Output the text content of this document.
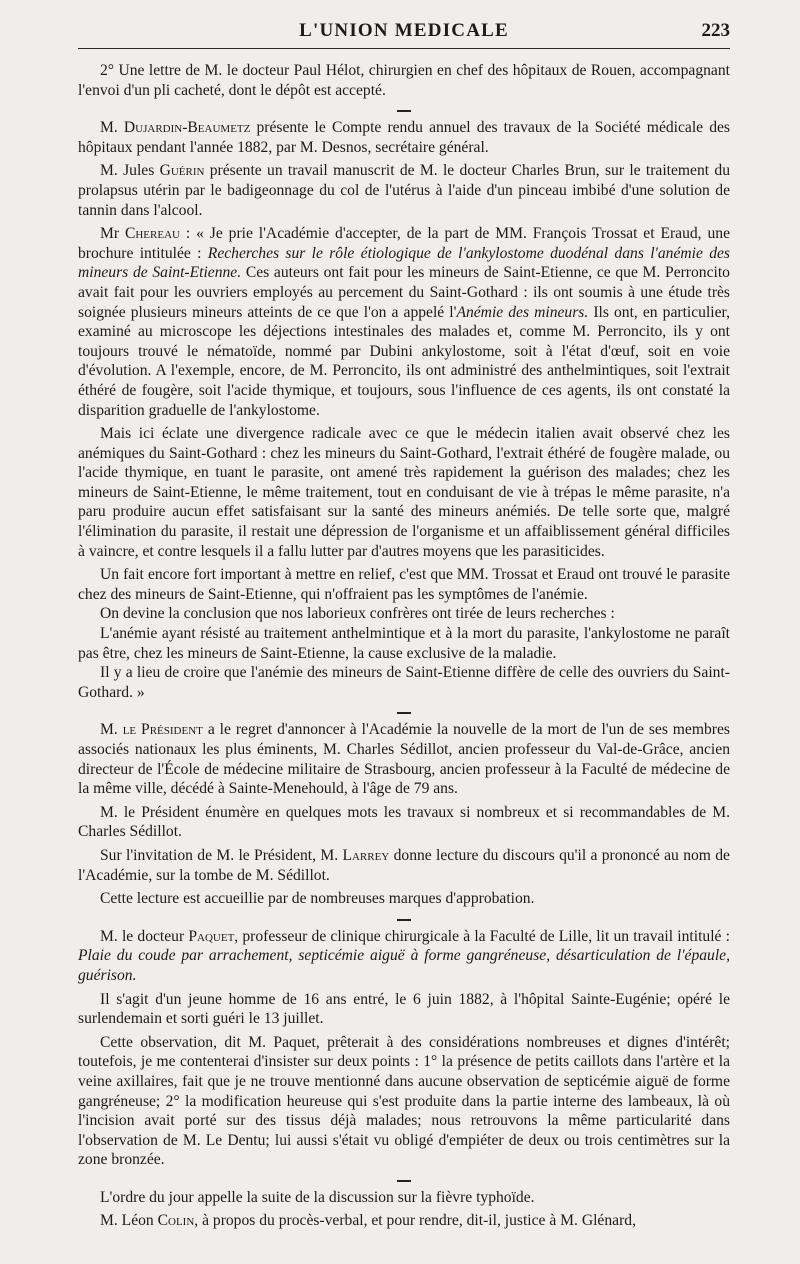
L'UNION MEDICALE	223

2° Une lettre de M. le docteur Paul Hélot, chirurgien en chef des hôpitaux de Rouen, accompagnant l'envoi d'un pli cacheté, dont le dépôt est accepté.

M. Dujardin-Beaumetz présente le Compte rendu annuel des travaux de la Société médicale des hôpitaux pendant l'année 1882, par M. Desnos, secrétaire général.

M. Jules Guérin présente un travail manuscrit de M. le docteur Charles Brun, sur le traitement du prolapsus utérin par le badigeonnage du col de l'utérus à l'aide d'un pinceau imbibé d'une solution de tannin dans l'alcool.

Mr Chereau : « Je prie l'Académie d'accepter, de la part de MM. François Trossat et Eraud, une brochure intitulée : Recherches sur le rôle étiologique de l'ankylostome duodénal dans l'anémie des mineurs de Saint-Etienne. Ces auteurs ont fait pour les mineurs de Saint-Etienne, ce que M. Perroncito avait fait pour les ouvriers employés au percement du Saint-Gothard : ils ont soumis à une étude très soignée plusieurs mineurs atteints de ce que l'on a appelé l'Anémie des mineurs. Ils ont, en particulier, examiné au microscope les déjections intestinales des malades et, comme M. Perroncito, ils y ont toujours trouvé le nématoïde, nommé par Dubini ankylostome, soit à l'état d'œuf, soit en voie d'évolution. A l'exemple, encore, de M. Perroncito, ils ont administré des anthelmintiques, soit l'extrait éthéré de fougère, soit l'acide thymique, et toujours, sous l'influence de ces agents, ils ont constaté la disparition graduelle de l'ankylostome.

Mais ici éclate une divergence radicale avec ce que le médecin italien avait observé chez les anémiques du Saint-Gothard : chez les mineurs du Saint-Gothard, l'extrait éthéré de fougère malade, ou l'acide thymique, en tuant le parasite, ont amené très rapidement la guérison des malades; chez les mineurs de Saint-Etienne, le même traitement, tout en conduisant de vie à trépas le même parasite, n'a paru produire aucun effet satisfaisant sur la santé des mineurs anémiés. De telle sorte que, malgré l'élimination du parasite, il restait une dépression de l'organisme et un affaiblissement général difficiles à vaincre, et contre lesquels il a fallu lutter par d'autres moyens que les parasiticides.

Un fait encore fort important à mettre en relief, c'est que MM. Trossat et Eraud ont trouvé le parasite chez des mineurs de Saint-Etienne, qui n'offraient pas les symptômes de l'anémie.

On devine la conclusion que nos laborieux confrères ont tirée de leurs recherches :

L'anémie ayant résisté au traitement anthelmintique et à la mort du parasite, l'ankylostome ne paraît pas être, chez les mineurs de Saint-Etienne, la cause exclusive de la maladie.

Il y a lieu de croire que l'anémie des mineurs de Saint-Etienne diffère de celle des ouvriers du Saint-Gothard. »

M. le Président a le regret d'annoncer à l'Académie la nouvelle de la mort de l'un de ses membres associés nationaux les plus éminents, M. Charles Sédillot, ancien professeur du Val-de-Grâce, ancien directeur de l'École de médecine militaire de Strasbourg, ancien professeur à la Faculté de médecine de la même ville, décédé à Sainte-Menehould, à l'âge de 79 ans.

M. le Président énumère en quelques mots les travaux si nombreux et si recommandables de M. Charles Sédillot.

Sur l'invitation de M. le Président, M. Larrey donne lecture du discours qu'il a prononcé au nom de l'Académie, sur la tombe de M. Sédillot.

Cette lecture est accueillie par de nombreuses marques d'approbation.

M. le docteur Paquet, professeur de clinique chirurgicale à la Faculté de Lille, lit un travail intitulé : Plaie du coude par arrachement, septicémie aiguë à forme gangréneuse, désarticulation de l'épaule, guérison.

Il s'agit d'un jeune homme de 16 ans entré, le 6 juin 1882, à l'hôpital Sainte-Eugénie; opéré le surlendemain et sorti guéri le 13 juillet.

Cette observation, dit M. Paquet, prêterait à des considérations nombreuses et dignes d'intérêt; toutefois, je me contenterai d'insister sur deux points : 1° la présence de petits caillots dans l'artère et la veine axillaires, fait que je ne trouve mentionné dans aucune observation de septicémie aiguë de forme gangréneuse; 2° la modification heureuse qui s'est produite dans la partie interne des lambeaux, là où l'incision avait porté sur des tissus déjà malades; nous retrouvons la même particularité dans l'observation de M. Le Dentu; lui aussi s'était vu obligé d'empiéter de deux ou trois centimètres sur la zone bronzée.

L'ordre du jour appelle la suite de la discussion sur la fièvre typhoïde.

M. Léon Colin, à propos du procès-verbal, et pour rendre, dit-il, justice à M. Glénard,
